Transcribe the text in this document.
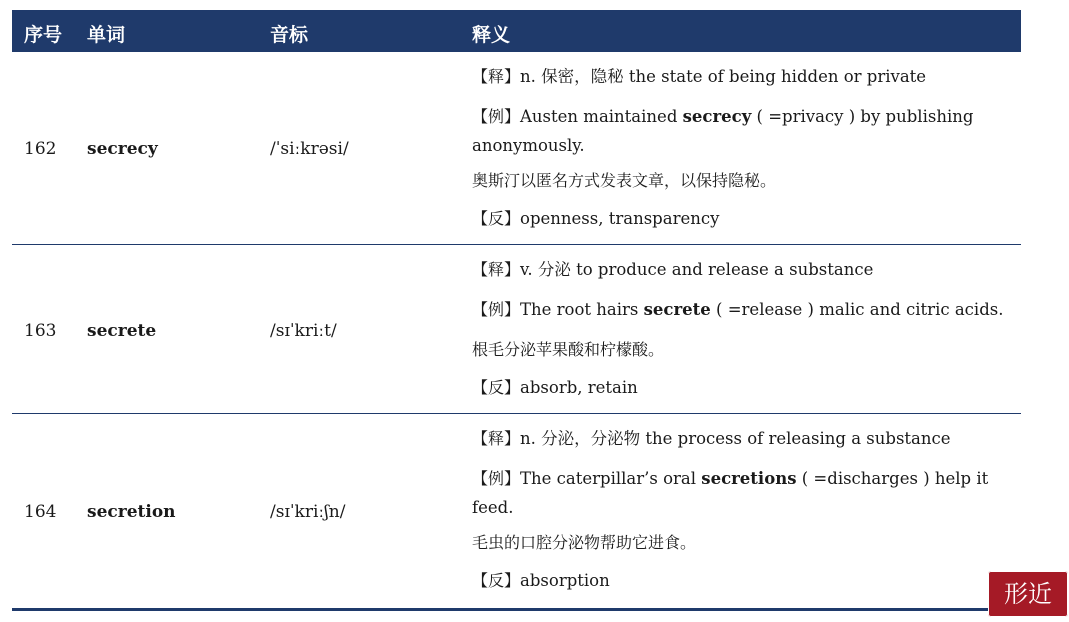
序号 单词	音标	释义
162 secrecy	/ˈsiːkrəsi/

【释】n. 保密，隐秘 the state of being hidden or private

【例】Austen maintained secrecy ( =privacy ) by publishing anonymously.

奥斯汀以匿名方式发表文章，以保持隐秘。

【反】openness, transparency

163 secrete	/sɪˈkriːt/

【释】v. 分泌 to produce and release a substance

【例】The root hairs secrete ( =release ) malic and citric acids.

根毛分泌苹果酸和柠檬酸。

【反】absorb, retain

164 secretion	/sɪˈkriːʃn/

【释】n. 分泌，分泌物 the process of releasing a substance

【例】The caterpillar’s oral secretions ( =discharges ) help it feed.

毛虫的口腔分泌物帮助它进食。

【反】absorption	形近
